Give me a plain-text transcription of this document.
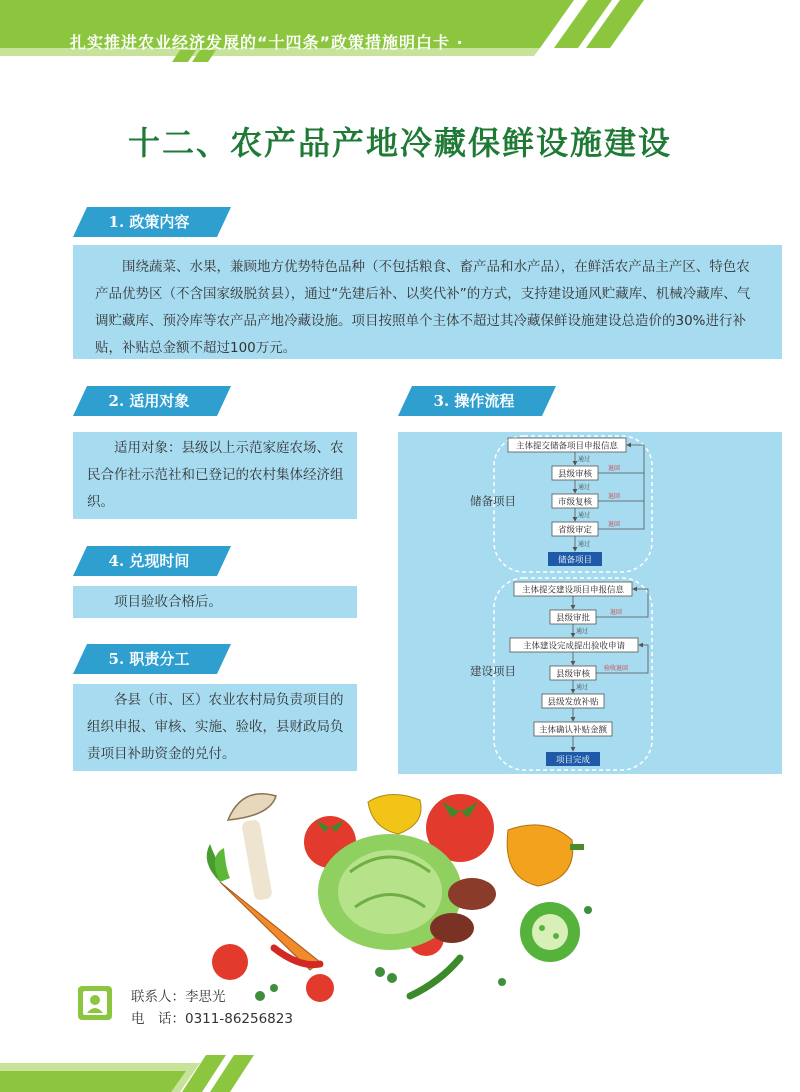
扎实推进农业经济发展的“十四条”政策措施明白卡 ·
十二、农产品产地冷藏保鲜设施建设
1. 政策内容

围绕蔬菜、水果，兼顾地方优势特色品种（不包括粮食、畜产品和水产品），在鲜活农产品主产区、特色农产品优势区（不含国家级脱贫县），通过“先建后补、以奖代补”的方式，支持建设通风贮藏库、机械冷藏库、气调贮藏库、预冷库等农产品产地冷藏设施。项目按照单个主体不超过其冷藏保鲜设施建设总造价的30%进行补贴，补贴总金额不超过100万元。

2. 适用对象

适用对象：县级以上示范家庭农场、农民合作社示范社和已登记的农村集体经济组织。

3. 操作流程
储备项目
建设项目
主体提交储备项目申报信息
县级审核
市级复核
省级审定
储备项目
主体提交建设项目申报信息
县级审批
主体建设完成提出验收申请
县级审核
县级发放补贴
主体确认补贴金额
项目完成
通过
通过
通过
通过
通过
通过
退回
退回
退回
退回
验收退回
4. 兑现时间

项目验收合格后。

5. 职责分工

各县（市、区）农业农村局负责项目的组织申报、审核、实施、验收，县财政局负责项目补助资金的兑付。

联系人：李思光
电　话：0311-86256823
